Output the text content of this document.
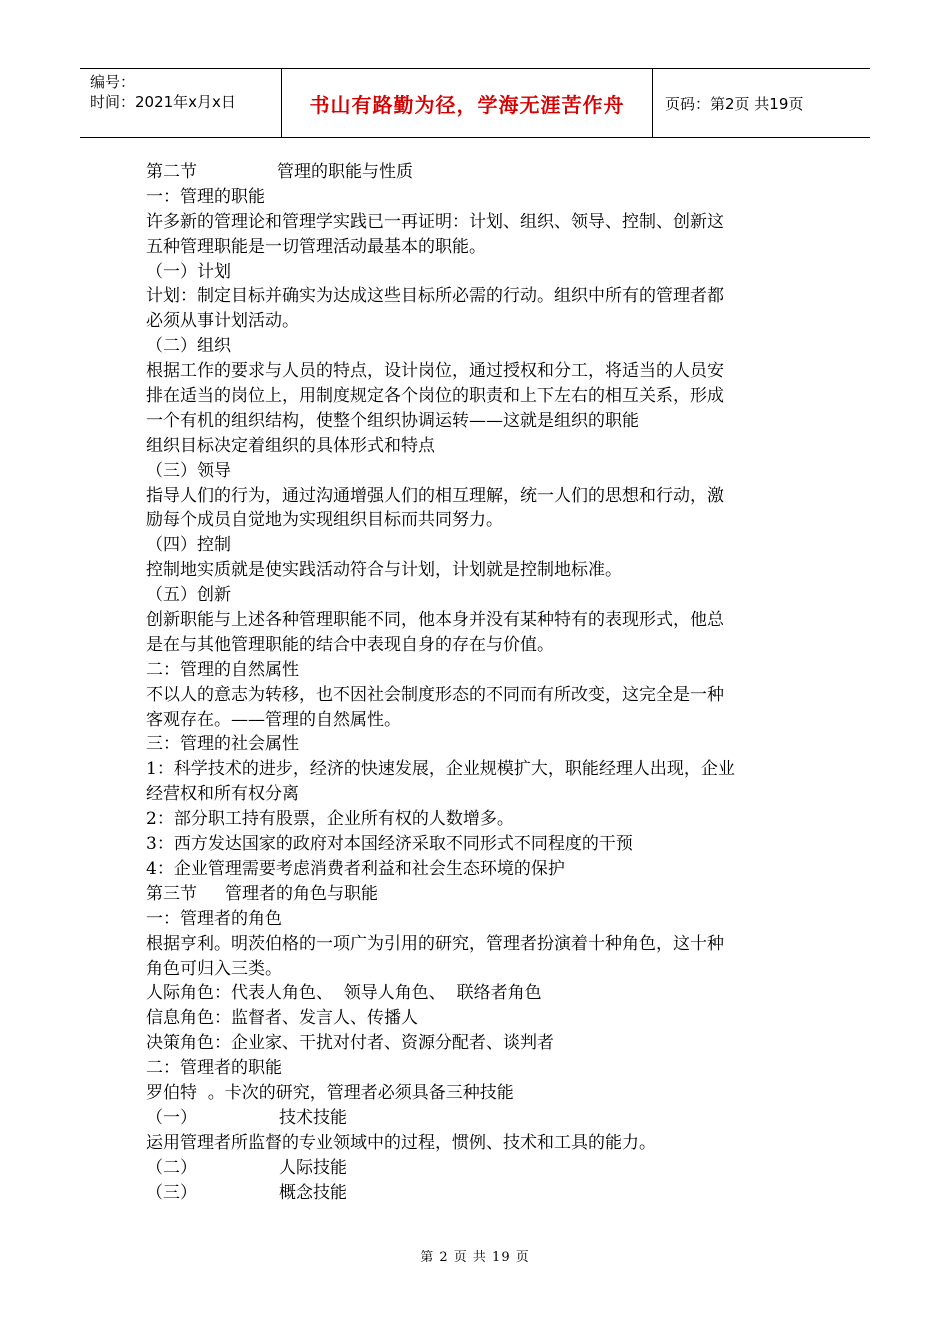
编号：
时间：2021年x月x日	书山有路勤为径，学海无涯苦作舟	页码：第2页 共19页
第二节	管理的职能与性质
一：管理的职能
许多新的管理论和管理学实践已一再证明：计划、组织、领导、控制、创新这
五种管理职能是一切管理活动最基本的职能。
（一）计划
计划：制定目标并确实为达成这些目标所必需的行动。组织中所有的管理者都
必须从事计划活动。
（二）组织
根据工作的要求与人员的特点，设计岗位，通过授权和分工，将适当的人员安
排在适当的岗位上，用制度规定各个岗位的职责和上下左右的相互关系，形成
一个有机的组织结构，使整个组织协调运转——这就是组织的职能
组织目标决定着组织的具体形式和特点
（三）领导
指导人们的行为，通过沟通增强人们的相互理解，统一人们的思想和行动，激
励每个成员自觉地为实现组织目标而共同努力。
（四）控制
控制地实质就是使实践活动符合与计划，计划就是控制地标准。
（五）创新
创新职能与上述各种管理职能不同，他本身并没有某种特有的表现形式，他总
是在与其他管理职能的结合中表现自身的存在与价值。
二：管理的自然属性
不以人的意志为转移，也不因社会制度形态的不同而有所改变，这完全是一种
客观存在。——管理的自然属性。
三：管理的社会属性
1：科学技术的进步，经济的快速发展，企业规模扩大，职能经理人出现，企业
经营权和所有权分离
2：部分职工持有股票，企业所有权的人数增多。
3：西方发达国家的政府对本国经济采取不同形式不同程度的干预
4：企业管理需要考虑消费者利益和社会生态环境的保护
第三节 管理者的角色与职能
一：管理者的角色
根据亨利。明茨伯格的一项广为引用的研究，管理者扮演着十种角色，这十种
角色可归入三类。
人际角色：代表人角色、  领导人角色、  联络者角色
信息角色：监督者、发言人、传播人
决策角色：企业家、干扰对付者、资源分配者、谈判者
二：管理者的职能
罗伯特  。卡次的研究，管理者必须具备三种技能
（一）	技术技能
运用管理者所监督的专业领域中的过程，惯例、技术和工具的能力。
（二）	人际技能
（三）	概念技能
第 2 页 共 19 页
